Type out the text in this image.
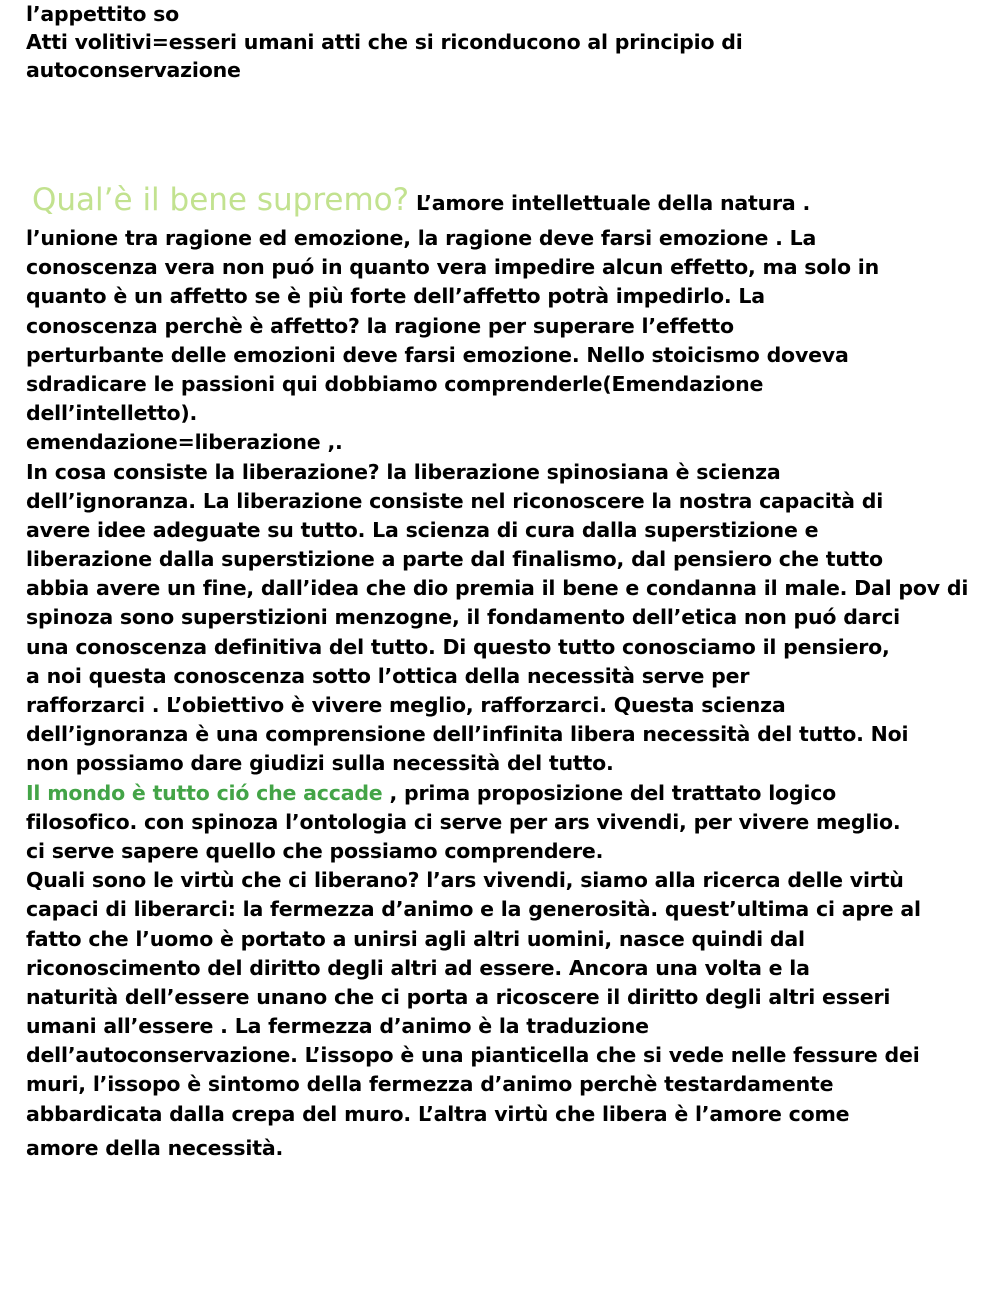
l’appettito so
Atti volitivi=esseri umani atti che si riconducono al principio di
autoconservazione
Qual’è il bene supremo? L’amore intellettuale della natura .
l’unione tra ragione ed emozione, la ragione deve farsi emozione . La
conoscenza vera non puó in quanto vera impedire alcun effetto, ma solo in
quanto è un affetto se è più forte dell’affetto potrà impedirlo. La
conoscenza perchè è affetto? la ragione per superare l’effetto
perturbante delle emozioni deve farsi emozione. Nello stoicismo doveva
sdradicare le passioni qui dobbiamo comprenderle(Emendazione
dell’intelletto).
emendazione=liberazione ,.
In cosa consiste la liberazione? la liberazione spinosiana è scienza
dell’ignoranza. La liberazione consiste nel riconoscere la nostra capacità di
avere idee adeguate su tutto. La scienza di cura dalla superstizione e
liberazione dalla superstizione a parte dal finalismo, dal pensiero che tutto
abbia avere un fine, dall’idea che dio premia il bene e condanna il male. Dal pov di
spinoza sono superstizioni menzogne, il fondamento dell’etica non puó darci
una conoscenza definitiva del tutto. Di questo tutto conosciamo il pensiero,
a noi questa conoscenza sotto l’ottica della necessità serve per
rafforzarci . L’obiettivo è vivere meglio, rafforzarci. Questa scienza
dell’ignoranza è una comprensione dell’infinita libera necessità del tutto. Noi
non possiamo dare giudizi sulla necessità del tutto.
Il mondo è tutto ció che accade , prima proposizione del trattato logico
filosofico. con spinoza l’ontologia ci serve per ars vivendi, per vivere meglio.
ci serve sapere quello che possiamo comprendere.
Quali sono le virtù che ci liberano? l’ars vivendi, siamo alla ricerca delle virtù
capaci di liberarci: la fermezza d’animo e la generosità. quest’ultima ci apre al
fatto che l’uomo è portato a unirsi agli altri uomini, nasce quindi dal
riconoscimento del diritto degli altri ad essere. Ancora una volta e la
naturità dell’essere unano che ci porta a ricoscere il diritto degli altri esseri
umani all’essere . La fermezza d’animo è la traduzione
dell’autoconservazione. L’issopo è una pianticella che si vede nelle fessure dei
muri, l’issopo è sintomo della fermezza d’animo perchè testardamente
abbardicata dalla crepa del muro. L’altra virtù che libera è l’amore come
amore della necessità.
